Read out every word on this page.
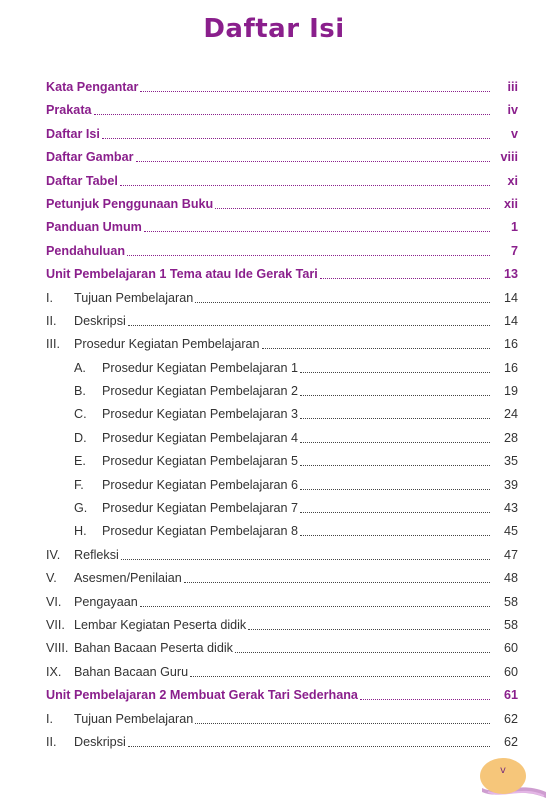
Daftar Isi
Kata Pengantar	iii
Prakata	iv
Daftar Isi	v
Daftar Gambar	viii
Daftar Tabel	xi
Petunjuk Penggunaan Buku	xii
Panduan Umum	1
Pendahuluan	7
Unit Pembelajaran 1 Tema atau Ide Gerak Tari	13
I. Tujuan Pembelajaran	14
II. Deskripsi	14
III. Prosedur Kegiatan Pembelajaran	16
A. Prosedur Kegiatan Pembelajaran 1	16
B. Prosedur Kegiatan Pembelajaran 2	19
C. Prosedur Kegiatan Pembelajaran 3	24
D. Prosedur Kegiatan Pembelajaran 4	28
E. Prosedur Kegiatan Pembelajaran 5	35
F. Prosedur Kegiatan Pembelajaran 6	39
G. Prosedur Kegiatan Pembelajaran 7	43
H. Prosedur Kegiatan Pembelajaran 8	45
IV. Refleksi	47
V. Asesmen/Penilaian	48
VI. Pengayaan	58
VII. Lembar Kegiatan Peserta didik	58
VIII. Bahan Bacaan Peserta didik	60
IX. Bahan Bacaan Guru	60
Unit Pembelajaran 2 Membuat Gerak Tari Sederhana	61
I. Tujuan Pembelajaran	62
II. Deskripsi	62
v
